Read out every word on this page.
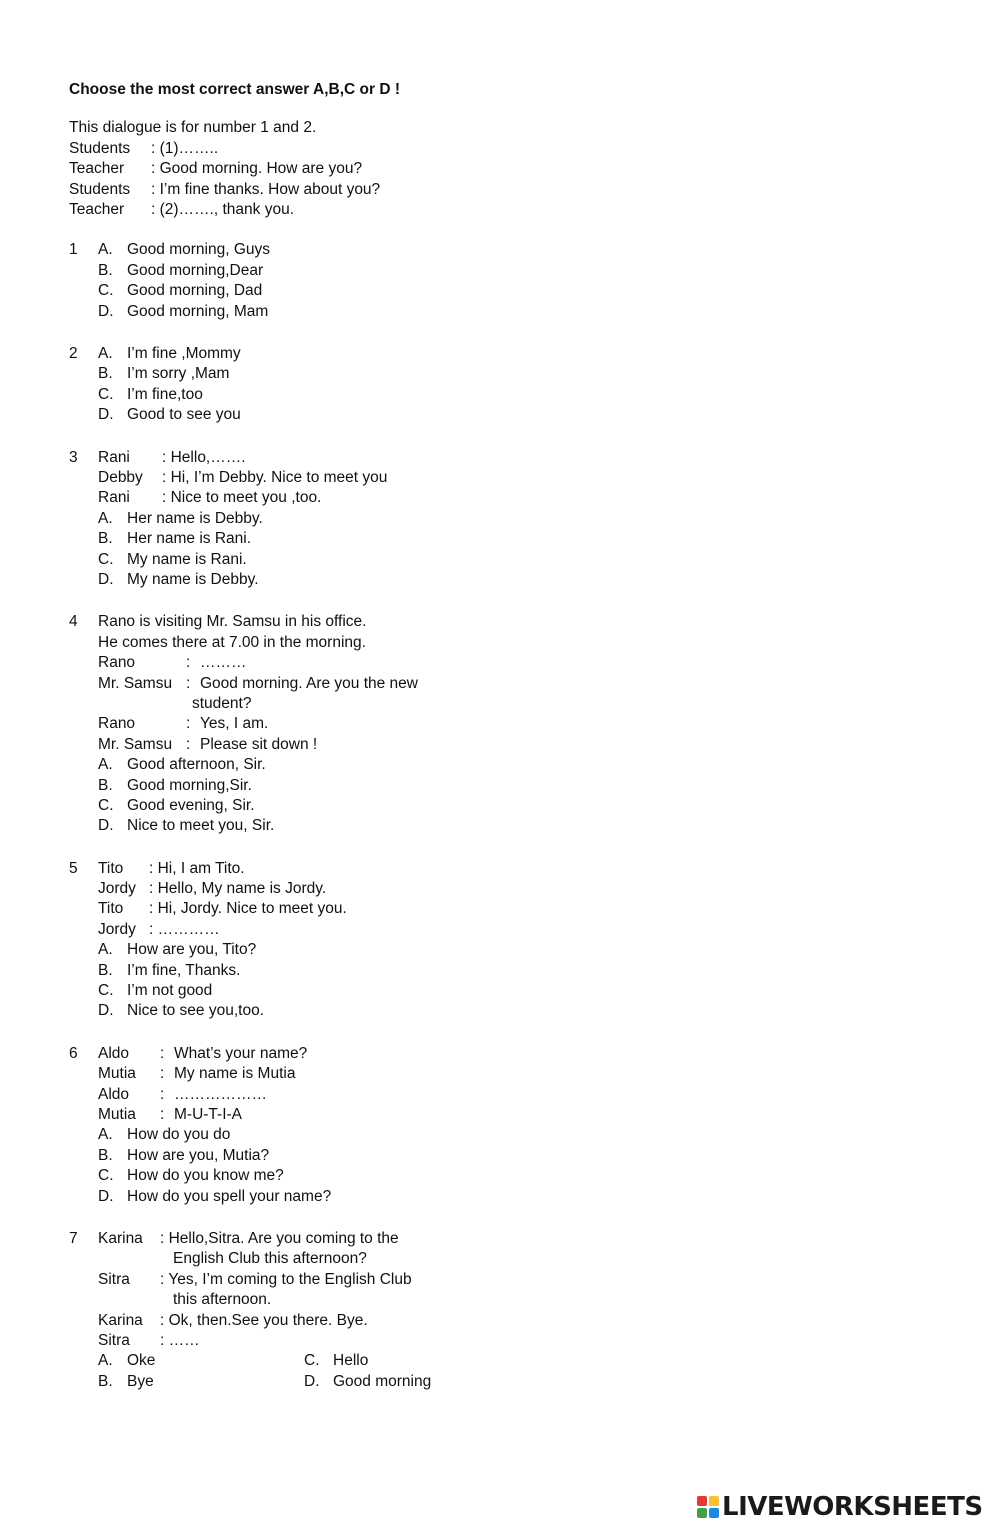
Choose the most correct answer A,B,C or D !
This dialogue is for number 1 and 2.
Students	: (1)……..
Teacher	: Good morning. How are you?
Students	: I’m fine thanks. How about you?
Teacher	: (2)……., thank you.
1 A. Good morning, Guys
B. Good morning,Dear
C. Good morning, Dad
D. Good morning, Mam
2 A. I’m fine ,Mommy
B. I’m sorry ,Mam
C. I’m fine,too
D. Good to see you
3 Rani	: Hello,…….
Debby	: Hi, I’m Debby. Nice to meet you
Rani	: Nice to meet you ,too.
A. Her name is Debby.
B. Her name is Rani.
C. My name is Rani.
D. My name is Debby.
4 Rano is visiting Mr. Samsu in his office.
He comes there at 7.00 in the morning.
Rano	: ………
Mr. Samsu : Good morning. Are you the new
student?
Rano	: Yes, I am.
Mr. Samsu : Please sit down !
A. Good afternoon, Sir.
B. Good morning,Sir.
C. Good evening, Sir.
D. Nice to meet you, Sir.
5 Tito	: Hi, I am Tito.
Jordy : Hello, My name is Jordy.
Tito	: Hi, Jordy. Nice to meet you.
Jordy : …………
A. How are you, Tito?
B. I’m fine, Thanks.
C. I’m not good
D. Nice to see you,too.
6 Aldo	: What’s your name?
Mutia	: My name is Mutia
Aldo	: ………………
Mutia	: M-U-T-I-A
A. How do you do
B. How are you, Mutia?
C. How do you know me?
D. How do you spell your name?
7 Karina	: Hello,Sitra. Are you coming to the
English Club this afternoon?
Sitra	: Yes, I’m coming to the English Club
this afternoon.
Karina	: Ok, then.See you there. Bye.
Sitra	: ……
A. Oke	C. Hello
B. Bye	D. Good morning
LIVEWORKSHEETS
